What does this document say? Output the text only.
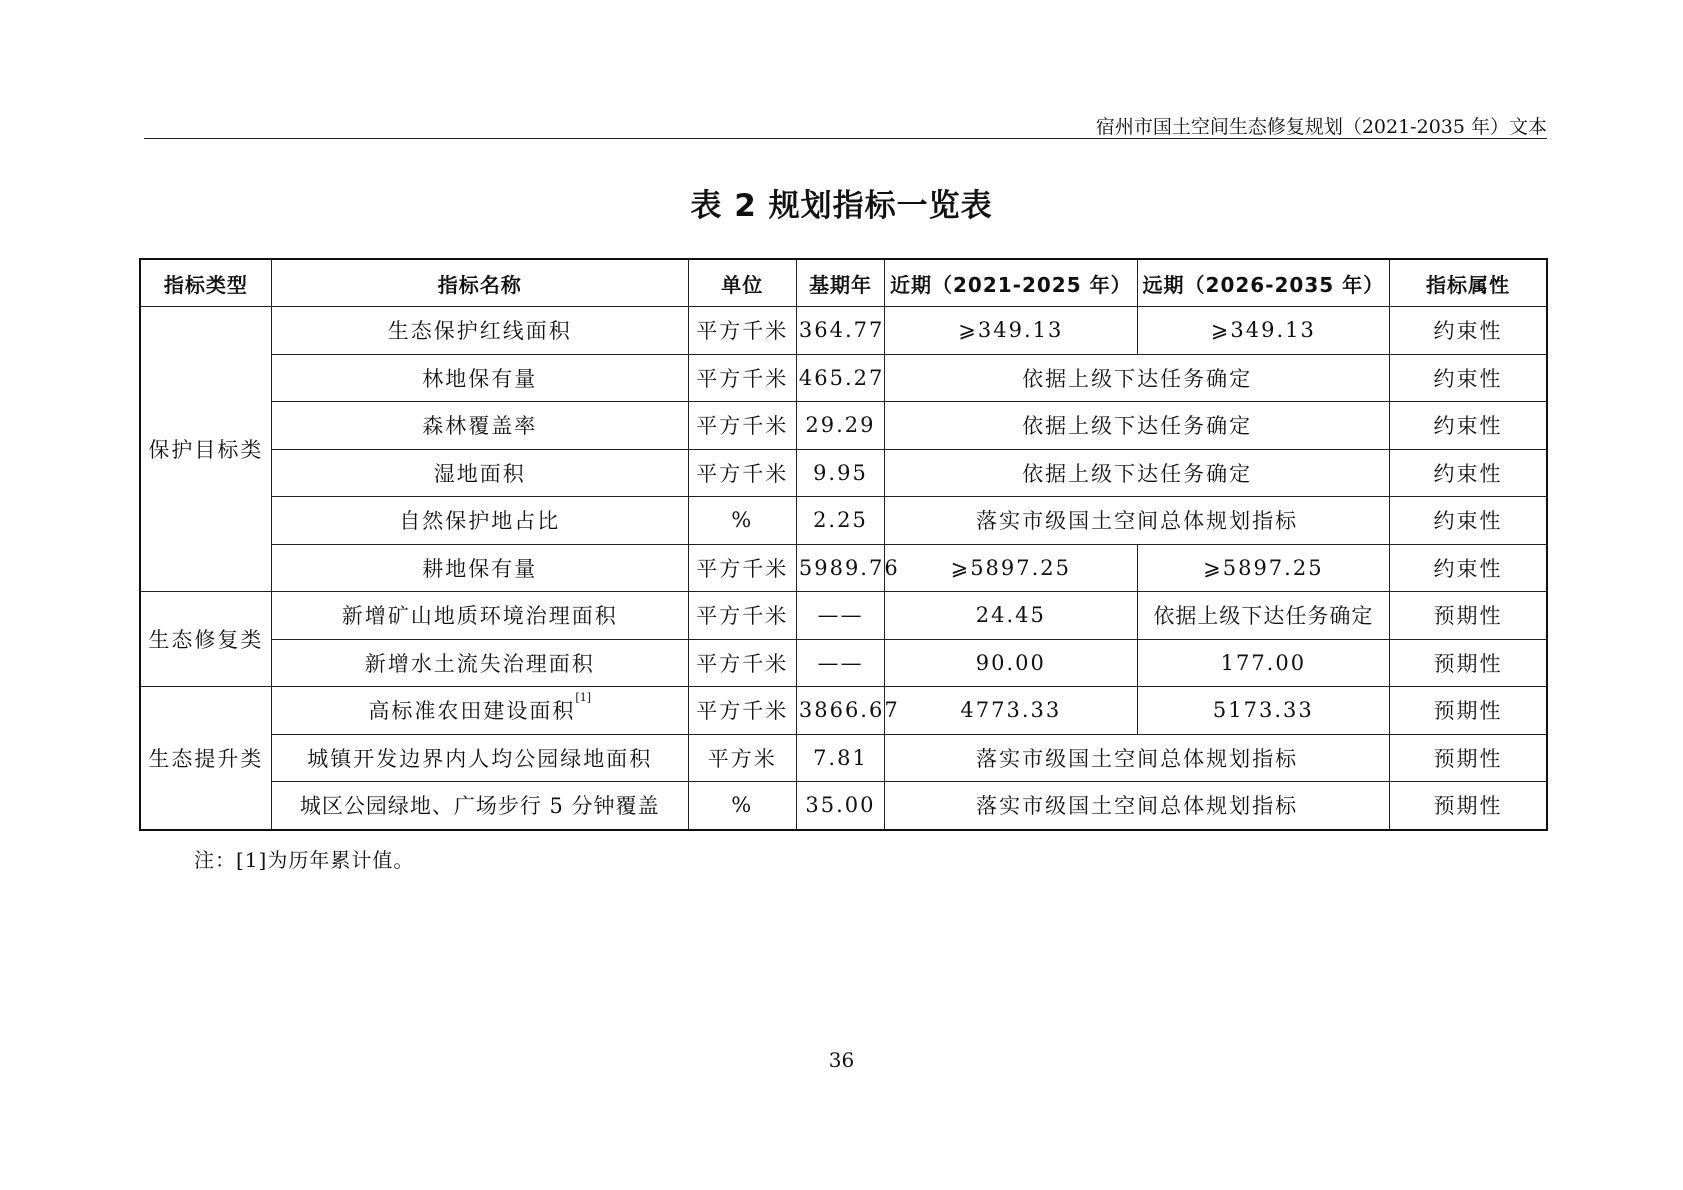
宿州市国土空间生态修复规划（2021-2035 年）文本
表 2 规划指标一览表
指标类型	指标名称	单位	基期年	近期（2021-2025 年）	远期（2026-2035 年）	指标属性
保护目标类	生态保护红线面积	平方千米	364.77	⩾349.13	⩾349.13	约束性
	林地保有量	平方千米	465.27	依据上级下达任务确定		约束性
	森林覆盖率	平方千米	29.29	依据上级下达任务确定		约束性
	湿地面积	平方千米	9.95	依据上级下达任务确定		约束性
	自然保护地占比	%	2.25	落实市级国土空间总体规划指标		约束性
	耕地保有量	平方千米	5989.76	⩾5897.25	⩾5897.25	约束性
生态修复类	新增矿山地质环境治理面积	平方千米	——	24.45	依据上级下达任务确定	预期性
	新增水土流失治理面积	平方千米	——	90.00	177.00	预期性
生态提升类	高标准农田建设面积[1]	平方千米	3866.67	4773.33	5173.33	预期性
	城镇开发边界内人均公园绿地面积	平方米	7.81	落实市级国土空间总体规划指标		预期性
	城区公园绿地、广场步行 5 分钟覆盖	%	35.00	落实市级国土空间总体规划指标		预期性
注：[1]为历年累计值。
36
